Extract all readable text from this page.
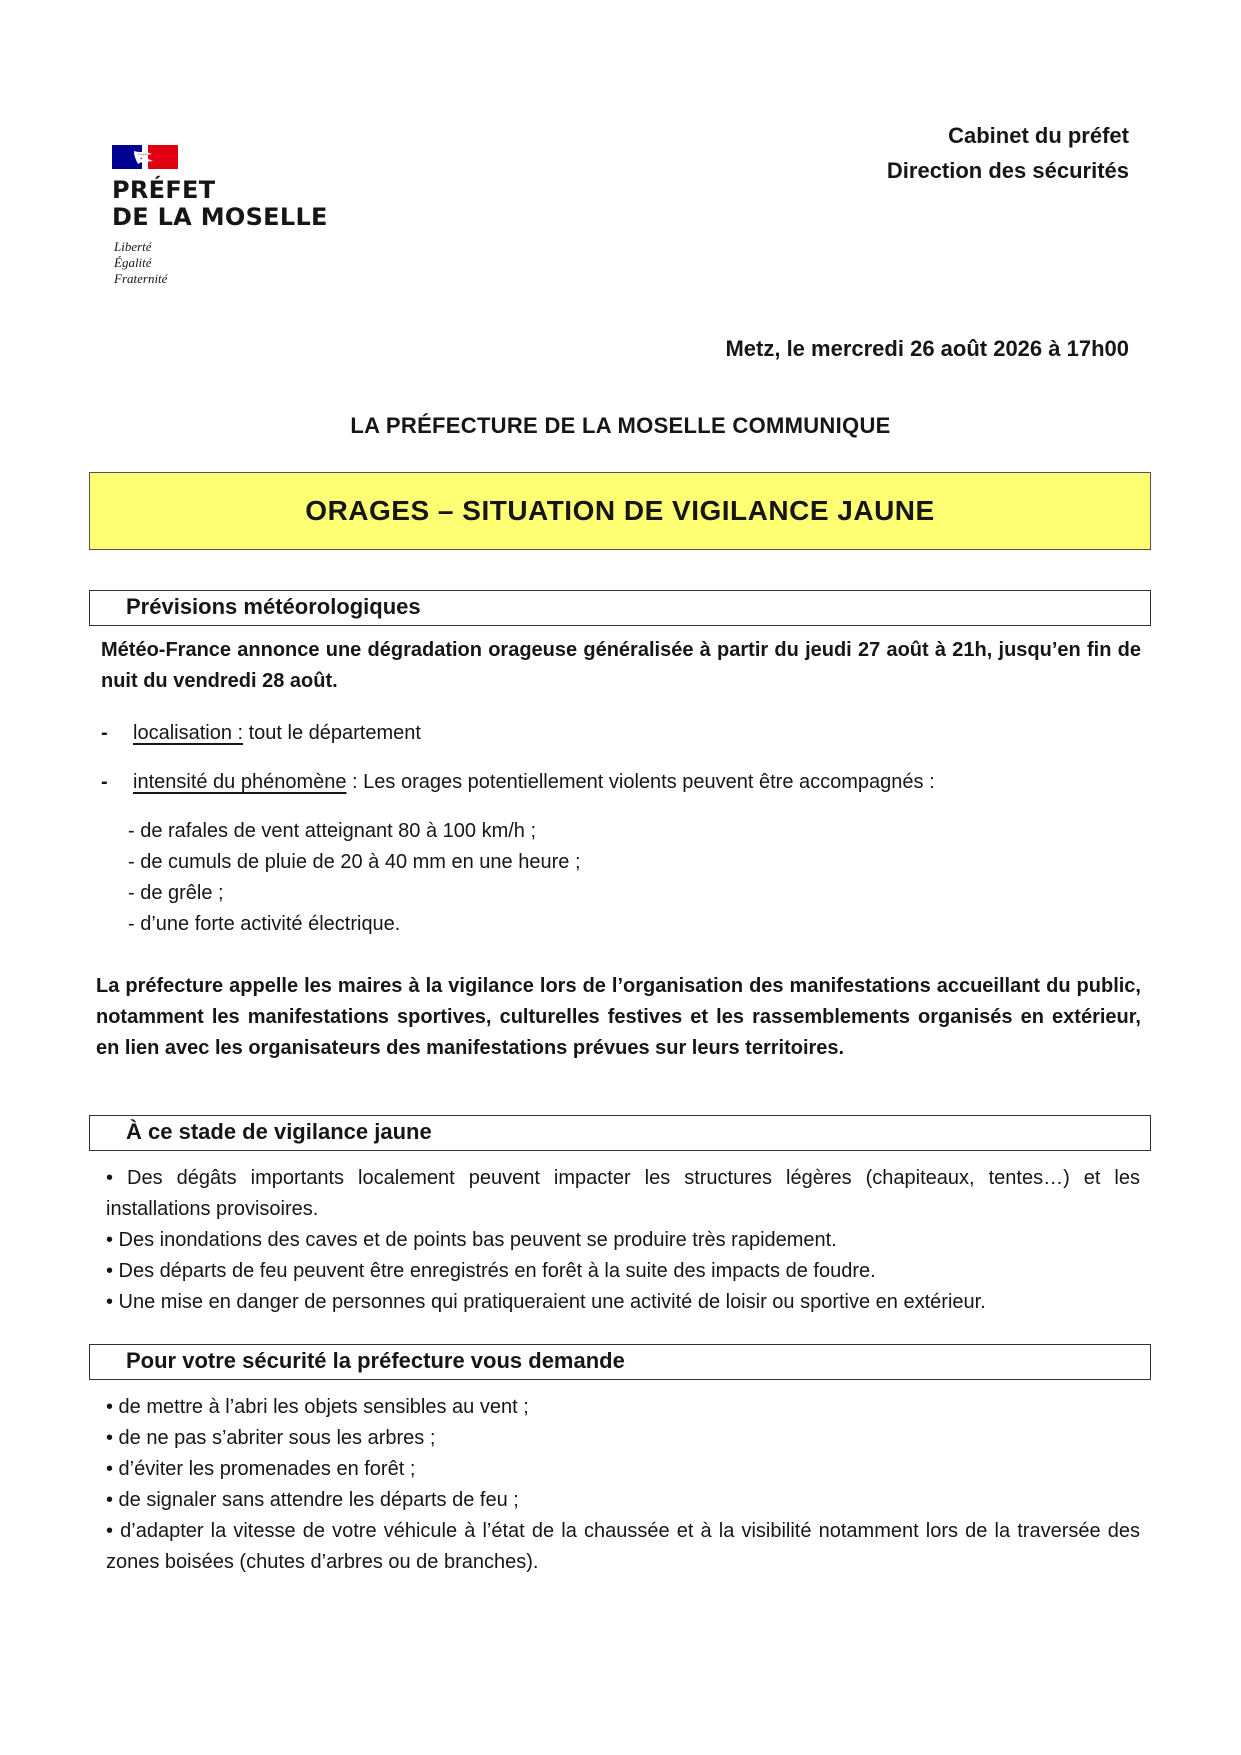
PRÉFET
DE LA MOSELLE
Liberté
Égalité
Fraternité
Cabinet du préfet
Direction des sécurités
Metz, le mercredi 26 août 2026 à 17h00
LA PRÉFECTURE DE LA MOSELLE COMMUNIQUE
ORAGES – SITUATION DE VIGILANCE JAUNE
Prévisions météorologiques
Météo-France annonce une dégradation orageuse généralisée à partir du jeudi 27 août à 21h, jusqu’en fin de nuit du vendredi 28 août.
- localisation : tout le département
- intensité du phénomène : Les orages potentiellement violents peuvent être accompagnés :
- de rafales de vent atteignant 80 à 100 km/h ;
- de cumuls de pluie de 20 à 40 mm en une heure ;
- de grêle ;
- d’une forte activité électrique.
La préfecture appelle les maires à la vigilance lors de l’organisation des manifestations accueillant du public, notamment les manifestations sportives, culturelles festives et les rassemblements organisés en extérieur, en lien avec les organisateurs des manifestations prévues sur leurs territoires.
À ce stade de vigilance jaune
• Des dégâts importants localement peuvent impacter les structures légères (chapiteaux, tentes…) et les installations provisoires.
• Des inondations des caves et de points bas peuvent se produire très rapidement.
• Des départs de feu peuvent être enregistrés en forêt à la suite des impacts de foudre.
• Une mise en danger de personnes qui pratiqueraient une activité de loisir ou sportive en extérieur.
Pour votre sécurité la préfecture vous demande
• de mettre à l’abri les objets sensibles au vent ;
• de ne pas s’abriter sous les arbres ;
• d’éviter les promenades en forêt ;
• de signaler sans attendre les départs de feu ;
• d’adapter la vitesse de votre véhicule à l’état de la chaussée et à la visibilité notamment lors de la traversée des zones boisées (chutes d’arbres ou de branches).
